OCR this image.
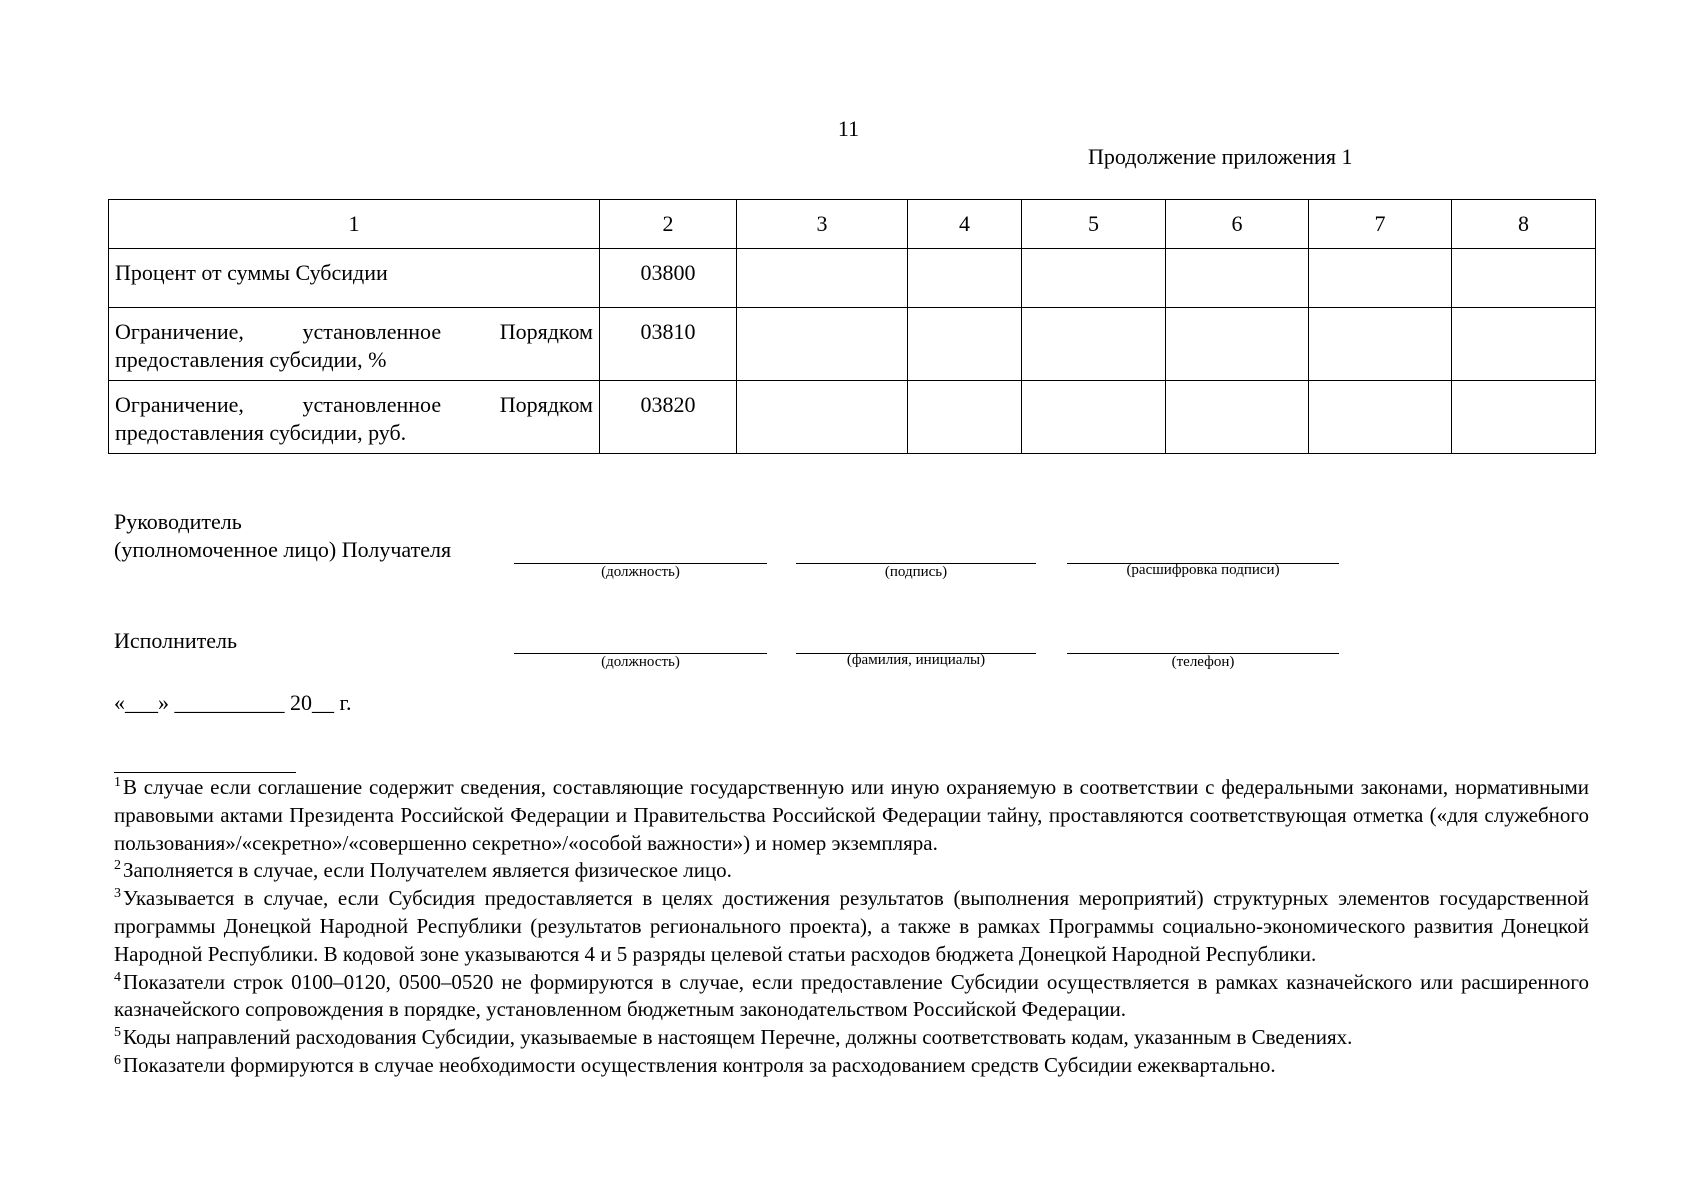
11
Продолжение приложения 1
1	2	3	4	5	6	7	8
Процент от суммы Субсидии	03800						

Ограничение, установленное Порядком
предоставления субсидии, %	03810						

Ограничение, установленное Порядком
предоставления субсидии, руб.	03820						
Руководитель
(уполномоченное лицо) Получателя
(должность)	(подпись)	(расшифровка подписи)
Исполнитель
(должность)	(фамилия, инициалы)	(телефон)
«___» __________ 20__ г.

$^1$В случае если соглашение содержит сведения, составляющие государственную или иную охраняемую в соответствии с федеральными законами, нормативными правовыми актами Президента Российской Федерации и Правительства Российской Федерации тайну, проставляются соответствующая отметка («для служебного пользования»/«секретно»/«совершенно секретно»/«особой важности») и номер экземпляра.

$^2$Заполняется в случае, если Получателем является физическое лицо.

$^3$Указывается в случае, если Субсидия предоставляется в целях достижения результатов (выполнения мероприятий) структурных элементов государственной программы Донецкой Народной Республики (результатов регионального проекта), а также в рамках Программы социально-экономического развития Донецкой Народной Республики. В кодовой зоне указываются 4 и 5 разряды целевой статьи расходов бюджета Донецкой Народной Республики.

$^4$Показатели строк 0100–0120, 0500–0520 не формируются в случае, если предоставление Субсидии осуществляется в рамках казначейского или расширенного казначейского сопровождения в порядке, установленном бюджетным законодательством Российской Федерации.

$^5$Коды направлений расходования Субсидии, указываемые в настоящем Перечне, должны соответствовать кодам, указанным в Сведениях.

$^6$Показатели формируются в случае необходимости осуществления контроля за расходованием средств Субсидии ежеквартально.
